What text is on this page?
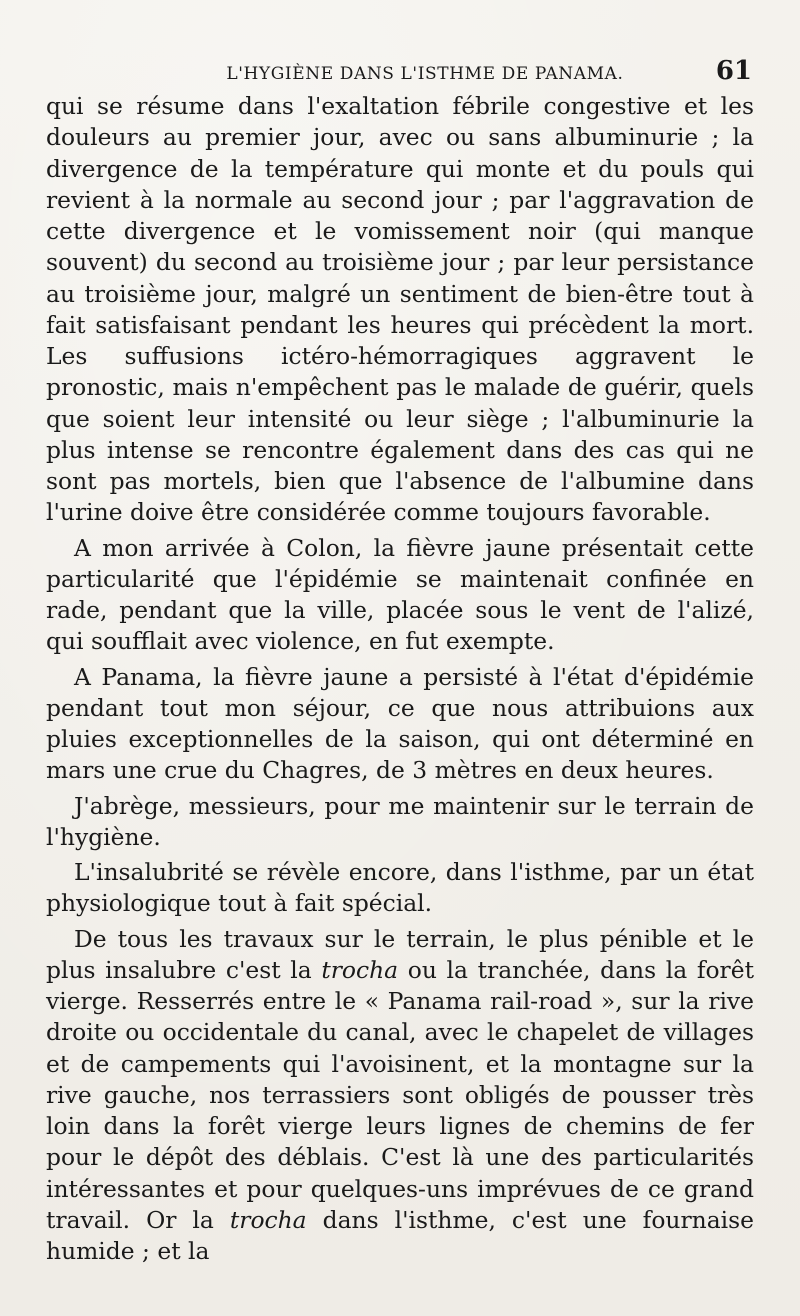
L'HYGIÈNE DANS L'ISTHME DE PANAMA.	61

qui se résume dans l'exaltation fébrile congestive et les douleurs au premier jour, avec ou sans albuminurie ; la divergence de la température qui monte et du pouls qui revient à la normale au second jour ; par l'aggravation de cette divergence et le vomissement noir (qui manque souvent) du second au troisième jour ; par leur persistance au troisième jour, malgré un sentiment de bien-être tout à fait satisfaisant pendant les heures qui précèdent la mort. Les suffusions ictéro-hémorragiques aggravent le pronostic, mais n'empêchent pas le malade de guérir, quels que soient leur intensité ou leur siège ; l'albuminurie la plus intense se rencontre également dans des cas qui ne sont pas mortels, bien que l'absence de l'albumine dans l'urine doive être considérée comme toujours favorable.

A mon arrivée à Colon, la fièvre jaune présentait cette particularité que l'épidémie se maintenait confinée en rade, pendant que la ville, placée sous le vent de l'alizé, qui soufflait avec violence, en fut exempte.

A Panama, la fièvre jaune a persisté à l'état d'épidémie pendant tout mon séjour, ce que nous attribuions aux pluies exceptionnelles de la saison, qui ont déterminé en mars une crue du Chagres, de 3 mètres en deux heures.

J'abrège, messieurs, pour me maintenir sur le terrain de l'hygiène.

L'insalubrité se révèle encore, dans l'isthme, par un état physiologique tout à fait spécial.

De tous les travaux sur le terrain, le plus pénible et le plus insalubre c'est la trocha ou la tranchée, dans la forêt vierge. Resserrés entre le « Panama rail-road », sur la rive droite ou occidentale du canal, avec le chapelet de villages et de campements qui l'avoisinent, et la montagne sur la rive gauche, nos terrassiers sont obligés de pousser très loin dans la forêt vierge leurs lignes de chemins de fer pour le dépôt des déblais. C'est là une des particularités intéressantes et pour quelques-uns imprévues de ce grand travail. Or la trocha dans l'isthme, c'est une fournaise humide ; et la
